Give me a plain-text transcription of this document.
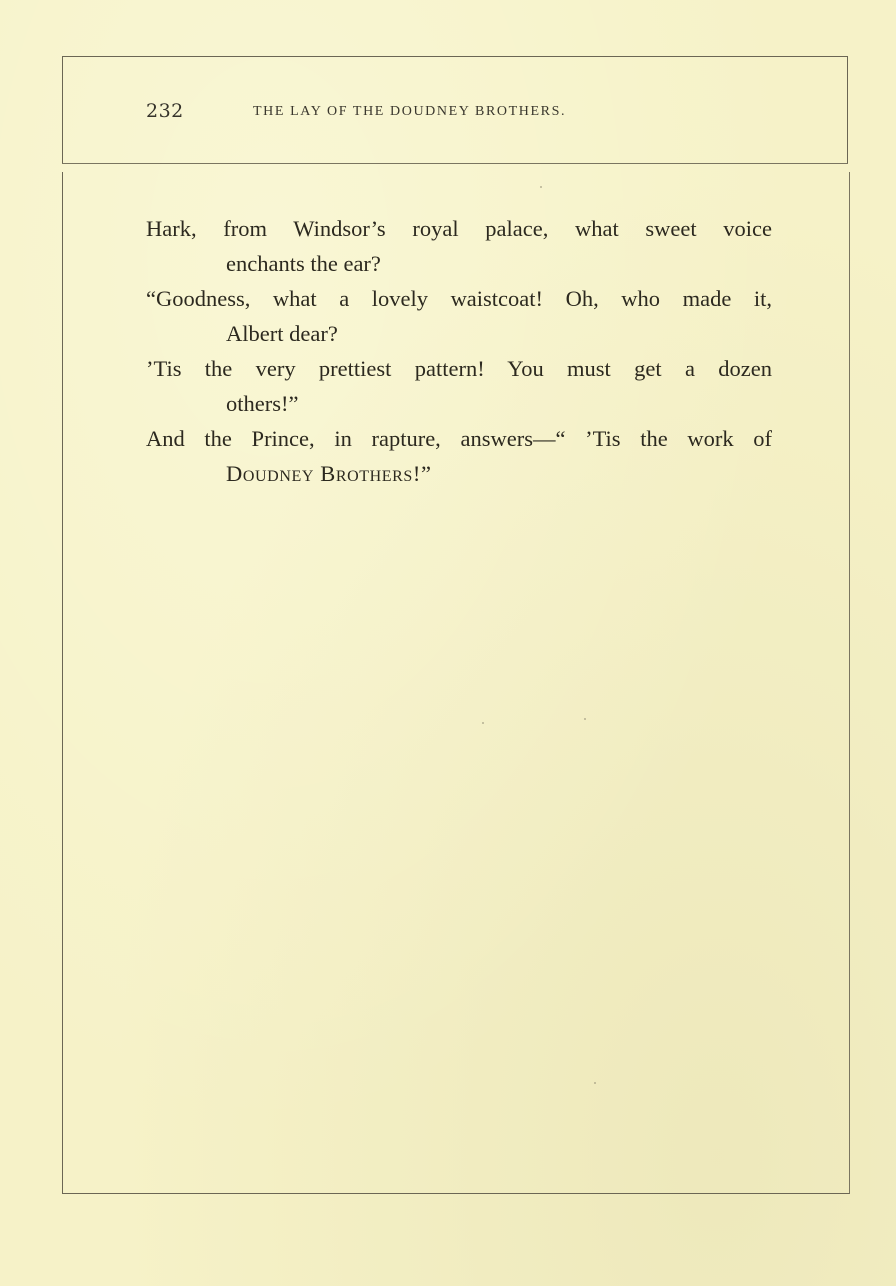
232	THE LAY OF THE DOUDNEY BROTHERS.
Hark, from Windsor’s royal palace, what sweet voice
enchants the ear?
“Goodness, what a lovely waistcoat! Oh, who made it,
Albert dear?
’Tis the very prettiest pattern! You must get a dozen
others!”
And the Prince, in rapture, answers—“ ’Tis the work of
Doudney Brothers!”
